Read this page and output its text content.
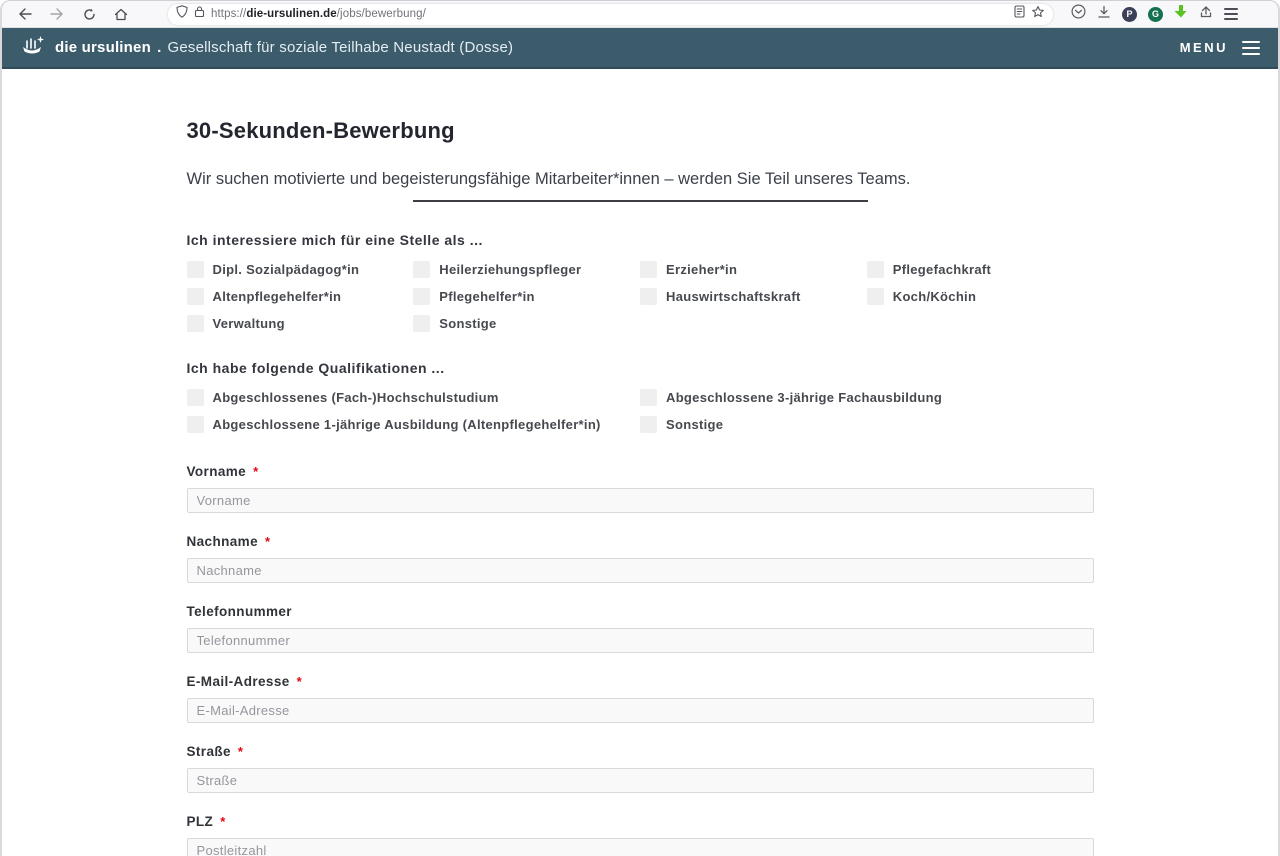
https://die-ursulinen.de/jobs/bewerbung/	P	G
die ursulinen . Gesellschaft für soziale Teilhabe Neustadt (Dosse)	MENU
30-Sekunden-Bewerbung

Wir suchen motivierte und begeisterungsfähige Mitarbeiter*innen – werden Sie Teil unseres Teams.

Ich interessiere mich für eine Stelle als ...
Dipl. Sozialpädagog*in	Heilerziehungspfleger	Erzieher*in	Pflegefachkraft
Altenpflegehelfer*in	Pflegehelfer*in	Hauswirtschaftskraft	Koch/Köchin
Verwaltung	Sonstige
Ich habe folgende Qualifikationen ...
Abgeschlossenes (Fach-)Hochschulstudium	Abgeschlossene 3-jährige Fachausbildung
Abgeschlossene 1-jährige Ausbildung (Altenpflegehelfer*in)	Sonstige
Vorname *
Vorname
Nachname *
Nachname
Telefonnummer
Telefonnummer
E-Mail-Adresse *
E-Mail-Adresse
Straße *
Straße
PLZ *
Postleitzahl
